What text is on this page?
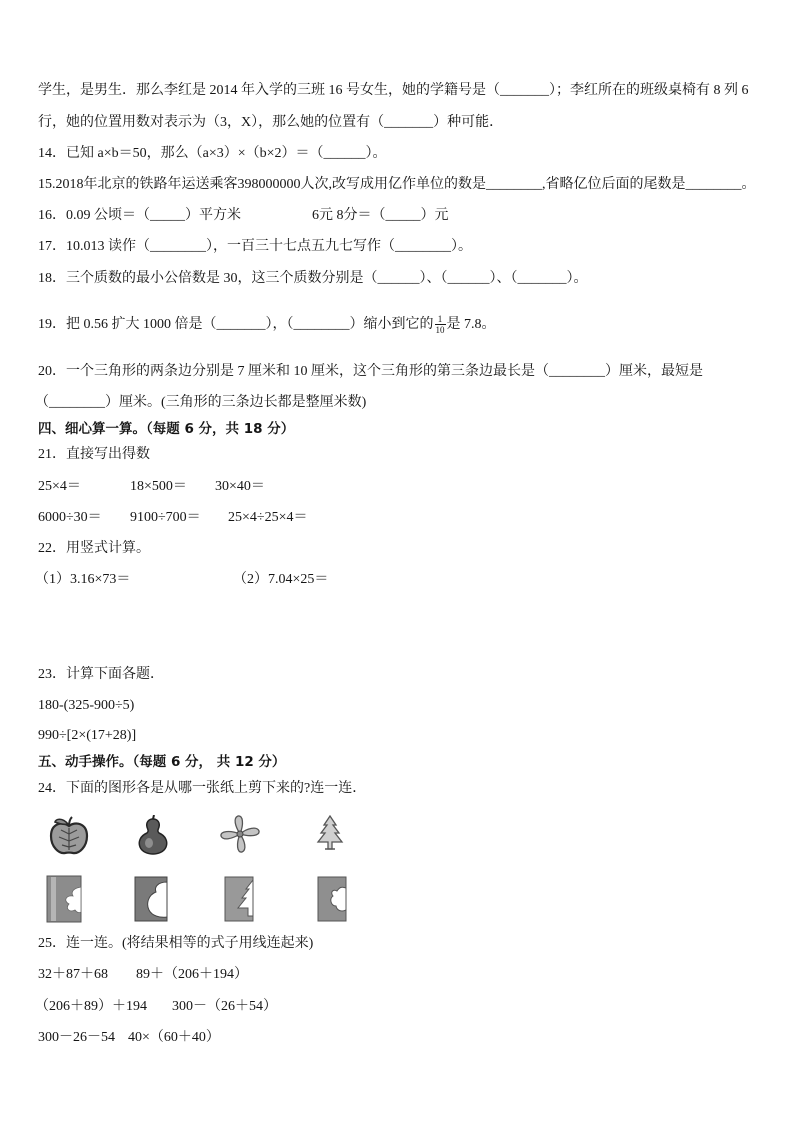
学生，是男生．那么李红是 2014 年入学的三班 16 号女生，她的学籍号是（_______）；李红所在的班级桌椅有 8 列 6
行，她的位置用数对表示为（3，X），那么她的位置有（_______）种可能．
14．已知 a×b＝50，那么（a×3）×（b×2）＝（______）。
15.2018年北京的铁路年运送乘客398000000人次,改写成用亿作单位的数是________,省略亿位后面的尾数是________。
16．0.09 公顷＝（_____）平方米	6元 8分＝（_____）元
17．10.013 读作（________），一百三十七点五九七写作（________）。
18．三个质数的最小公倍数是 30，这三个质数分别是（______）、（______）、（_______）。
19．把 0.56 扩大 1000 倍是（_______），（________）缩小到它的 $\frac{1}{10}$ 是 7.8。
20．一个三角形的两条边分别是 7 厘米和 10 厘米，这个三角形的第三条边最长是（________）厘米，最短是
（________）厘米。(三角形的三条边长都是整厘米数)
四、细心算一算。（每题 6 分，共 18 分）
21．直接写出得数
25×4＝	18×500＝ 30×40＝
6000÷30＝ 9100÷700＝ 25×4÷25×4＝
22．用竖式计算。
（1）3.16×73＝	（2）7.04×25＝
23．计算下面各题．
180-(325-900÷5)
990÷[2×(17+28)]
五、动手操作。（每题 6 分， 共 12 分）
24．下面的图形各是从哪一张纸上剪下来的?连一连．
25．连一连。(将结果相等的式子用线连起来)
32＋87＋68 89＋（206＋194）
（206＋89）＋194 300－（26＋54）
300－26－54 40×（60＋40）
